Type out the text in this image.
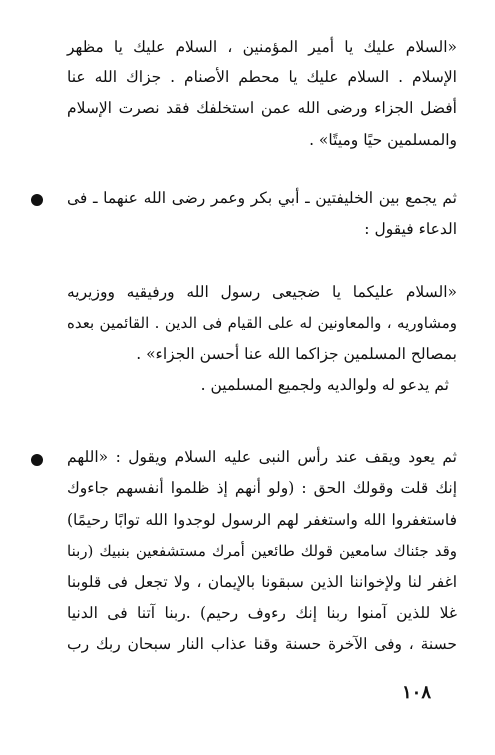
«السلام عليك يا أمير المؤمنين ، السلام عليك يا مظهر
الإسلام . السلام عليك يا محطم الأصنام . جزاك الله عنا
أفضل الجزاء ورضى الله عمن استخلفك فقد نصرت الإسلام
والمسلمين حيًا وميتًا» .
ثم يجمع بين الخليفتين ـ أبي بكر وعمر رضى الله عنهما ـ فى
الدعاء فيقول :
«السلام عليكما يا ضجيعى رسول الله ورفيقيه ووزيريه
ومشاوريه ، والمعاونين له على القيام فى الدين . القائمين بعده
بمصالح المسلمين جزاكما الله عنا أحسن الجزاء» .
ثم يدعو له ولوالديه ولجميع المسلمين .
ثم يعود ويقف عند رأس النبى عليه السلام ويقول : «اللهم
إنك قلت وقولك الحق : (ولو أنهم إذ ظلموا أنفسهم جاءوك
فاستغفروا الله واستغفر لهم الرسول لوجدوا الله توابًا رحيمًا)
وقد جئناك سامعين قولك طائعين أمرك مستشفعين بنبيك (ربنا
اغفر لنا ولإخواننا الذين سبقونا بالإيمان ، ولا تجعل فى قلوبنا
غلا للذين آمنوا ربنا إنك رءوف رحيم) .ربنا آتنا فى الدنيا
حسنة ، وفى الآخرة حسنة وقنا عذاب النار سبحان ربك رب
١٠٨
